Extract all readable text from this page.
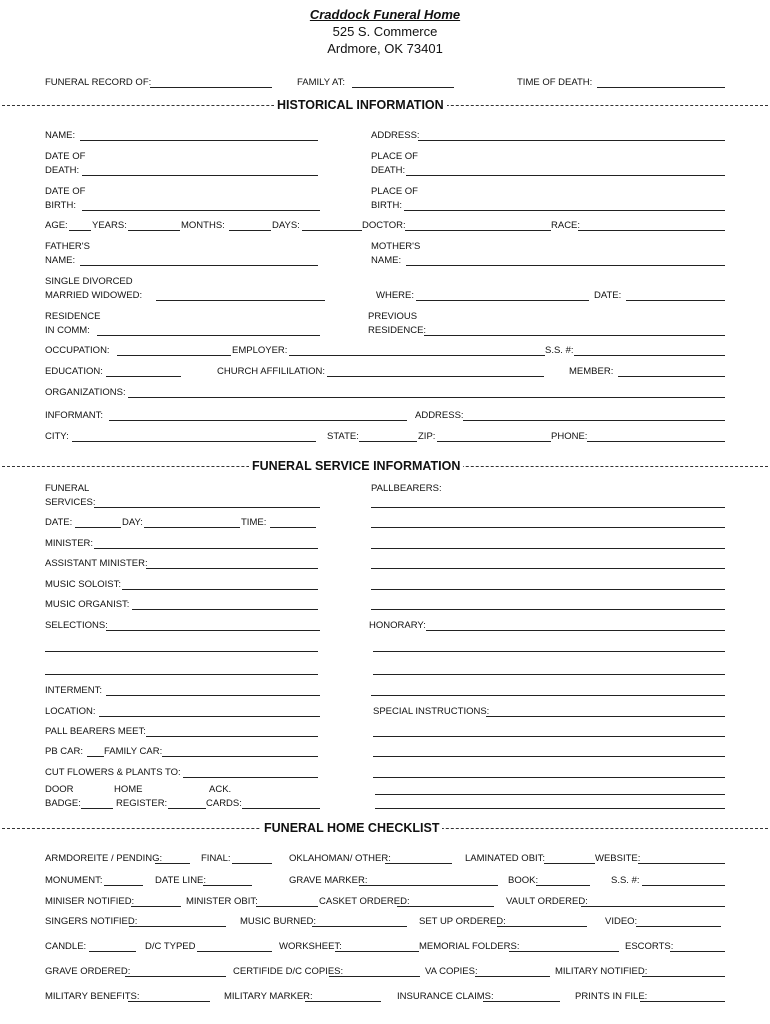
Craddock Funeral Home
525 S. Commerce
Ardmore, OK 73401
FUNERAL RECORD OF:	FAMILY AT:	TIME OF DEATH:
HISTORICAL INFORMATION
NAME:	ADDRESS:
DATE OF
DEATH:
PLACE OF
DEATH:
DATE OF
BIRTH:
PLACE OF
BIRTH:
AGE:	YEARS:	MONTHS:	DAYS:	DOCTOR:	RACE:
FATHER'S
NAME:
MOTHER'S
NAME:
SINGLE DIVORCED
MARRIED WIDOWED:	WHERE:	DATE:
RESIDENCE
IN COMM:
PREVIOUS
RESIDENCE:
OCCUPATION:	EMPLOYER:	S.S. #:
EDUCATION:	CHURCH AFFILILATION:	MEMBER:
ORGANIZATIONS:
INFORMANT:	ADDRESS:
CITY:	STATE:	ZIP:	PHONE:
FUNERAL SERVICE INFORMATION
FUNERAL
SERVICES:
PALLBEARERS:
DATE:	DAY:	TIME:
MINISTER:
ASSISTANT MINISTER:
MUSIC SOLOIST:
MUSIC ORGANIST:
SELECTIONS:	HONORARY:
INTERMENT:
LOCATION:	SPECIAL INSTRUCTIONS:
PALL BEARERS MEET:
PB CAR: FAMILY CAR:
CUT FLOWERS & PLANTS TO:
DOOR	HOME	ACK.
BADGE:	REGISTER:	CARDS:
FUNERAL HOME CHECKLIST
ARMDOREITE / PENDING:	FINAL:	OKLAHOMAN/ OTHER:	LAMINATED OBIT:	WEBSITE:
MONUMENT:	DATE LINE:	GRAVE MARKER:	BOOK:	S.S. #:
MINISER NOTIFIED:	MINISTER OBIT:	CASKET ORDERED:	VAULT ORDERED:
SINGERS NOTIFIED:	MUSIC BURNED:	SET UP ORDERED:	VIDEO:
CANDLE:	D/C TYPED	WORKSHEET:	MEMORIAL FOLDERS:	ESCORTS:
GRAVE ORDERED:	CERTIFIDE D/C COPIES:	VA COPIES:	MILITARY NOTIFIED:
MILITARY BENEFITS:	MILITARY MARKER:	INSURANCE CLAIMS:	PRINTS IN FILE:
